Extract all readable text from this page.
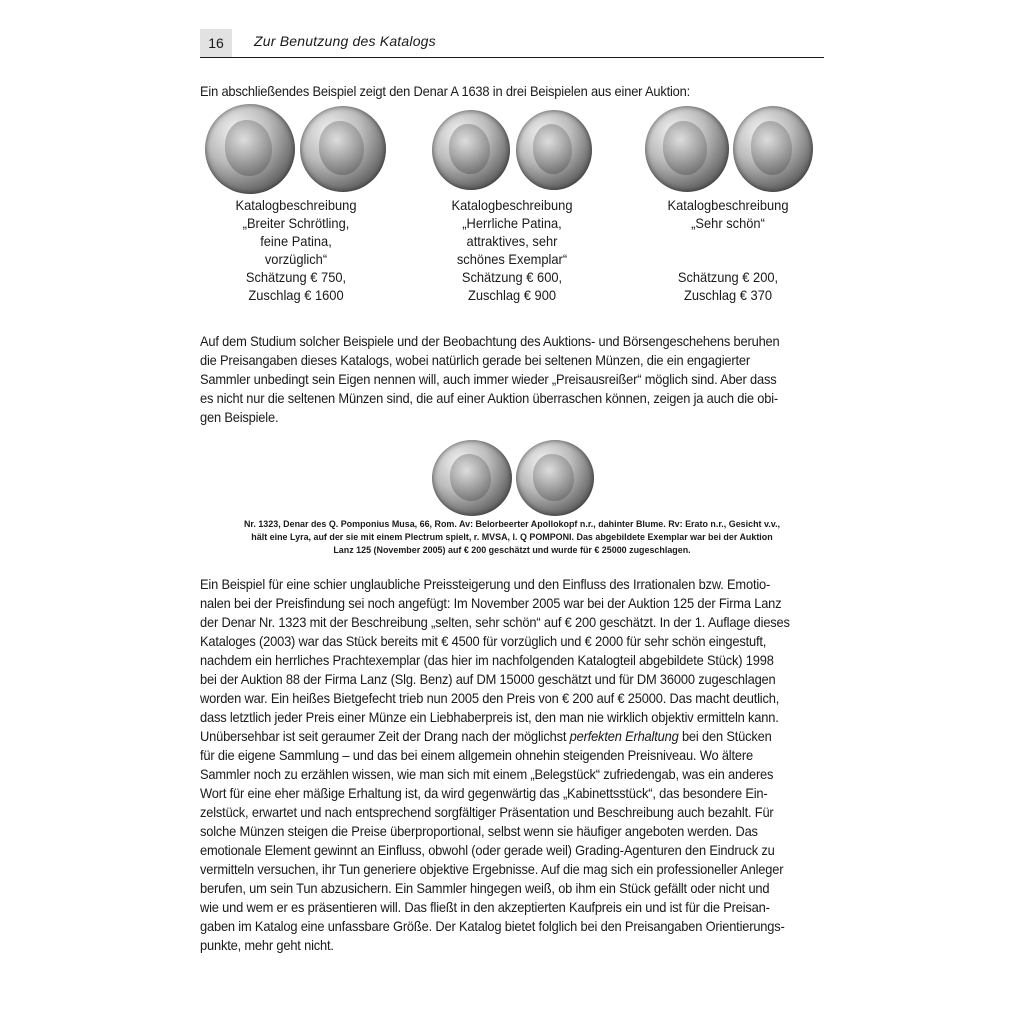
16	Zur Benutzung des Katalogs
Ein abschließendes Beispiel zeigt den Denar A 1638 in drei Beispielen aus einer Auktion:
Katalogbeschreibung
„Breiter Schrötling,
feine Patina,
vorzüglich“
Schätzung € 750,
Zuschlag € 1600
Katalogbeschreibung
„Herrliche Patina,
attraktives, sehr
schönes Exemplar“
Schätzung € 600,
Zuschlag € 900
Katalogbeschreibung
„Sehr schön“
Schätzung € 200,
Zuschlag € 370
Auf dem Studium solcher Beispiele und der Beobachtung des Auktions- und Börsengeschehens beruhen
die Preisangaben dieses Katalogs, wobei natürlich gerade bei seltenen Münzen, die ein engagierter
Sammler unbedingt sein Eigen nennen will, auch immer wieder „Preisausreißer“ möglich sind. Aber dass
es nicht nur die seltenen Münzen sind, die auf einer Auktion überraschen können, zeigen ja auch die obi-
gen Beispiele.
Nr. 1323, Denar des Q. Pomponius Musa, 66, Rom. Av: Belorbeerter Apollokopf n.r., dahinter Blume. Rv: Erato n.r., Gesicht v.v.,
hält eine Lyra, auf der sie mit einem Plectrum spielt, r. MVSA, l. Q POMPONI. Das abgebildete Exemplar war bei der Auktion
Lanz 125 (November 2005) auf € 200 geschätzt und wurde für € 25000 zugeschlagen.
Ein Beispiel für eine schier unglaubliche Preissteigerung und den Einfluss des Irrationalen bzw. Emotio-
nalen bei der Preisfindung sei noch angefügt: Im November 2005 war bei der Auktion 125 der Firma Lanz
der Denar Nr. 1323 mit der Beschreibung „selten, sehr schön“ auf € 200 geschätzt. In der 1. Auflage dieses
Kataloges (2003) war das Stück bereits mit € 4500 für vorzüglich und € 2000 für sehr schön eingestuft,
nachdem ein herrliches Prachtexemplar (das hier im nachfolgenden Katalogteil abgebildete Stück) 1998
bei der Auktion 88 der Firma Lanz (Slg. Benz) auf DM 15000 geschätzt und für DM 36000 zugeschlagen
worden war. Ein heißes Bietgefecht trieb nun 2005 den Preis von € 200 auf € 25000. Das macht deutlich,
dass letztlich jeder Preis einer Münze ein Liebhaberpreis ist, den man nie wirklich objektiv ermitteln kann.
Unübersehbar ist seit geraumer Zeit der Drang nach der möglichst perfekten Erhaltung bei den Stücken
für die eigene Sammlung – und das bei einem allgemein ohnehin steigenden Preisniveau. Wo ältere
Sammler noch zu erzählen wissen, wie man sich mit einem „Belegstück“ zufriedengab, was ein anderes
Wort für eine eher mäßige Erhaltung ist, da wird gegenwärtig das „Kabinettsstück“, das besondere Ein-
zelstück, erwartet und nach entsprechend sorgfältiger Präsentation und Beschreibung auch bezahlt. Für
solche Münzen steigen die Preise überproportional, selbst wenn sie häufiger angeboten werden. Das
emotionale Element gewinnt an Einfluss, obwohl (oder gerade weil) Grading-Agenturen den Eindruck zu
vermitteln versuchen, ihr Tun generiere objektive Ergebnisse. Auf die mag sich ein professioneller Anleger
berufen, um sein Tun abzusichern. Ein Sammler hingegen weiß, ob ihm ein Stück gefällt oder nicht und
wie und wem er es präsentieren will. Das fließt in den akzeptierten Kaufpreis ein und ist für die Preisan-
gaben im Katalog eine unfassbare Größe. Der Katalog bietet folglich bei den Preisangaben Orientierungs-
punkte, mehr geht nicht.
